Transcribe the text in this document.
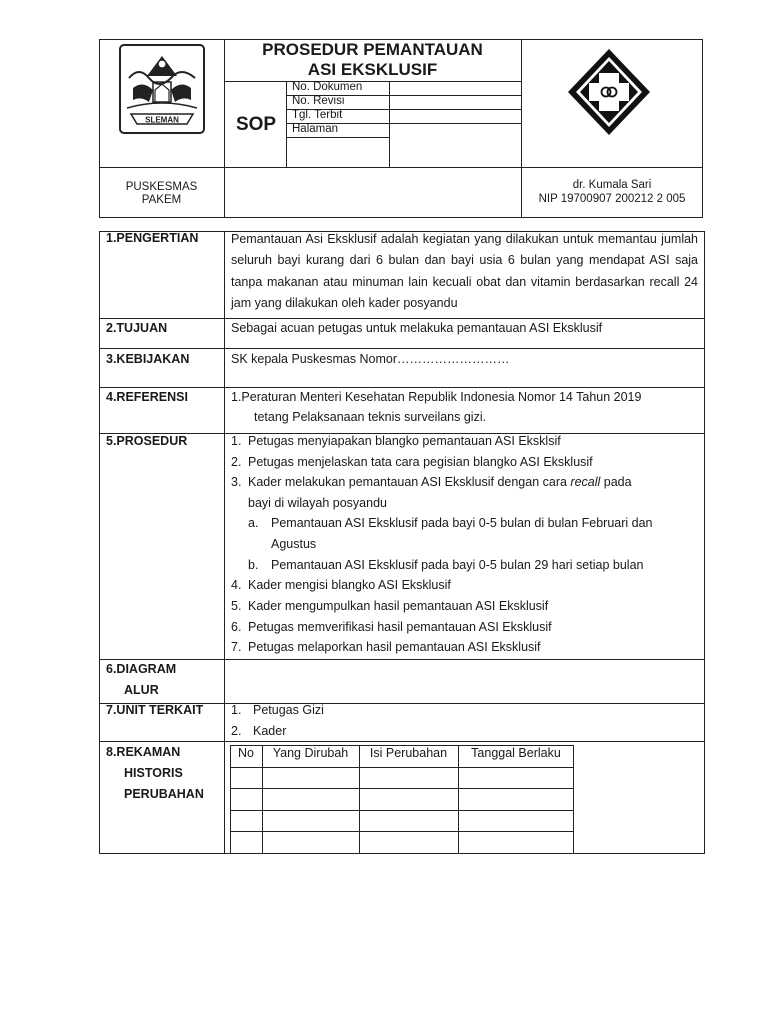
SLEMAN
PROSEDUR PEMANTAUAN
ASI EKSKLUSIF
SOP
No. Dokumen
No. Revisi
Tgl. Terbit
Halaman
PUSKESMAS
PAKEM
dr. Kumala Sari
NIP 19700907 200212 2 005
1.PENGERTIAN	Pemantauan Asi Eksklusif adalah kegiatan yang dilakukan untuk memantau jumlah seluruh bayi kurang dari 6 bulan dan bayi usia 6 bulan yang mendapat ASI saja tanpa makanan atau minuman lain kecuali obat dan vitamin berdasarkan recall 24 jam yang dilakukan oleh kader posyandu
2.TUJUAN	Sebagai acuan petugas untuk melakuka pemantauan ASI Eksklusif
3.KEBIJAKAN	SK kepala Puskesmas Nomor………………………
4.REFERENSI	1.Peraturan Menteri Kesehatan Republik Indonesia Nomor 14 Tahun 2019
tetang Pelaksanaan teknis surveilans gizi.
5.PROSEDUR	1. Petugas menyiapakan blangko pemantauan ASI Eksklsif
2. Petugas menjelaskan tata cara pegisian blangko ASI Eksklusif
3. Kader melakukan pemantauan ASI Eksklusif dengan cara recall pada
bayi di wilayah posyandu
a. Pemantauan ASI Eksklusif pada bayi 0-5 bulan di bulan Februari dan
Agustus
b. Pemantauan ASI Eksklusif pada bayi 0-5 bulan 29 hari setiap bulan
4. Kader mengisi blangko ASI Eksklusif
5. Kader mengumpulkan hasil pemantauan ASI Eksklusif
6. Petugas memverifikasi hasil pemantauan ASI Eksklusif
7. Petugas melaporkan hasil pemantauan ASI Eksklusif
6.DIAGRAM
ALUR
7.UNIT TERKAIT 1. Petugas Gizi
2. Kader
8.REKAMAN
HISTORIS
PERUBAHAN
No	Yang Dirubah	Isi Perubahan	Tanggal Berlaku
